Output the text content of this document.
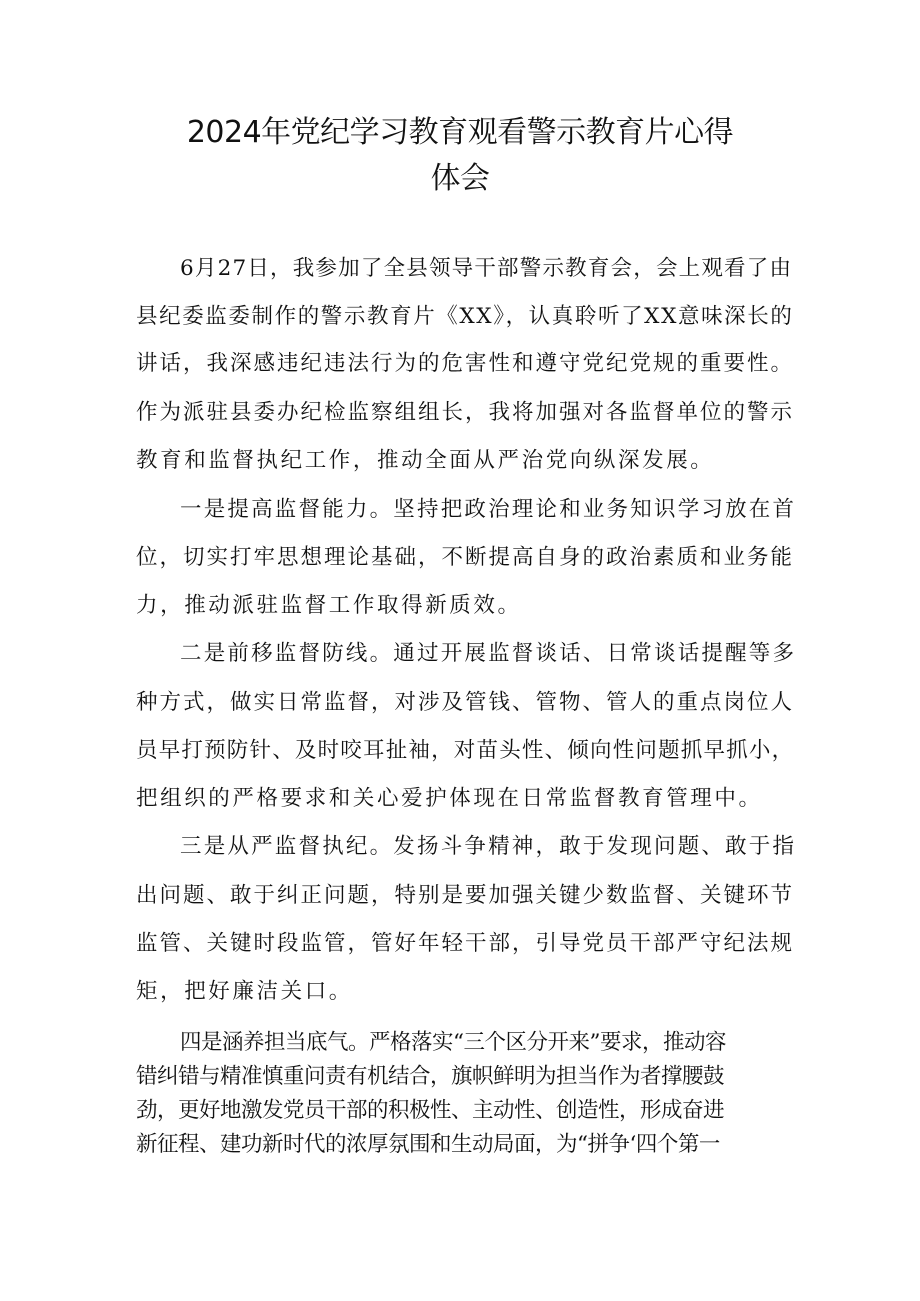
2024年党纪学习教育观看警示教育片心得
体会
6月27日，我参加了全县领导干部警示教育会，会上观看了由
县纪委监委制作的警示教育片《XX》，认真聆听了XX意味深长的
讲话，我深感违纪违法行为的危害性和遵守党纪党规的重要性。
作为派驻县委办纪检监察组组长，我将加强对各监督单位的警示
教育和监督执纪工作，推动全面从严治党向纵深发展。
一是提高监督能力。坚持把政治理论和业务知识学习放在首
位，切实打牢思想理论基础，不断提高自身的政治素质和业务能
力，推动派驻监督工作取得新质效。
二是前移监督防线。通过开展监督谈话、日常谈话提醒等多
种方式，做实日常监督，对涉及管钱、管物、管人的重点岗位人
员早打预防针、及时咬耳扯袖，对苗头性、倾向性问题抓早抓小，
把组织的严格要求和关心爱护体现在日常监督教育管理中。
三是从严监督执纪。发扬斗争精神，敢于发现问题、敢于指
出问题、敢于纠正问题，特别是要加强关键少数监督、关键环节
监管、关键时段监管，管好年轻干部，引导党员干部严守纪法规
矩，把好廉洁关口。
四是涵养担当底气。严格落实“三个区分开来”要求，推动容
错纠错与精准慎重问责有机结合，旗帜鲜明为担当作为者撑腰鼓
劲，更好地激发党员干部的积极性、主动性、创造性，形成奋进
新征程、建功新时代的浓厚氛围和生动局面，为“拼争‘四个第一
